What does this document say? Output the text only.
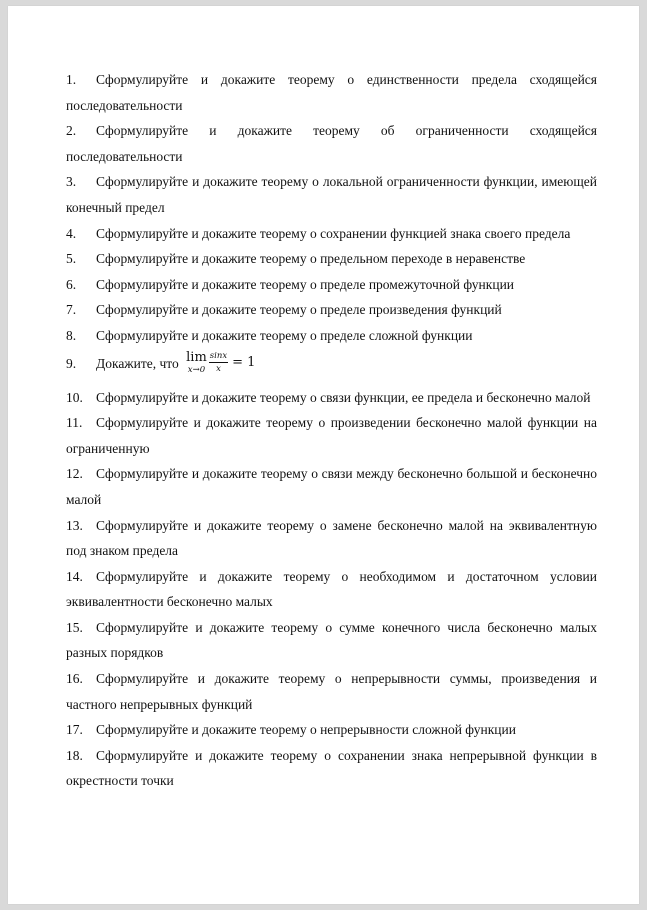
1. Сформулируйте и докажите теорему о единственности предела сходящейся последовательности
2. Сформулируйте и докажите теорему об ограниченности сходящейся последовательности
3. Сформулируйте и докажите теорему о локальной ограниченности функции, имеющей конечный предел
4. Сформулируйте и докажите теорему о сохранении функцией знака своего предела
5. Сформулируйте и докажите теорему о предельном переходе в неравенстве
6. Сформулируйте и докажите теорему о пределе промежуточной функции
7. Сформулируйте и докажите теорему о пределе произведения функций
8. Сформулируйте и докажите теорему о пределе сложной функции
9. Докажите, что lim
$x\to 0 \frac{\sin x}{x} = 1$
10. Сформулируйте и докажите теорему о связи функции, ее предела и бесконечно малой
11. Сформулируйте и докажите теорему о произведении бесконечно малой функции на ограниченную
12. Сформулируйте и докажите теорему о связи между бесконечно большой и бесконечно малой
13. Сформулируйте и докажите теорему о замене бесконечно малой на эквивалентную под знаком предела
14. Сформулируйте и докажите теорему о необходимом и достаточном условии эквивалентности бесконечно малых
15. Сформулируйте и докажите теорему о сумме конечного числа бесконечно малых разных порядков
16. Сформулируйте и докажите теорему о непрерывности суммы, произведения и частного непрерывных функций
17. Сформулируйте и докажите теорему о непрерывности сложной функции
18. Сформулируйте и докажите теорему о сохранении знака непрерывной функции в окрестности точки
